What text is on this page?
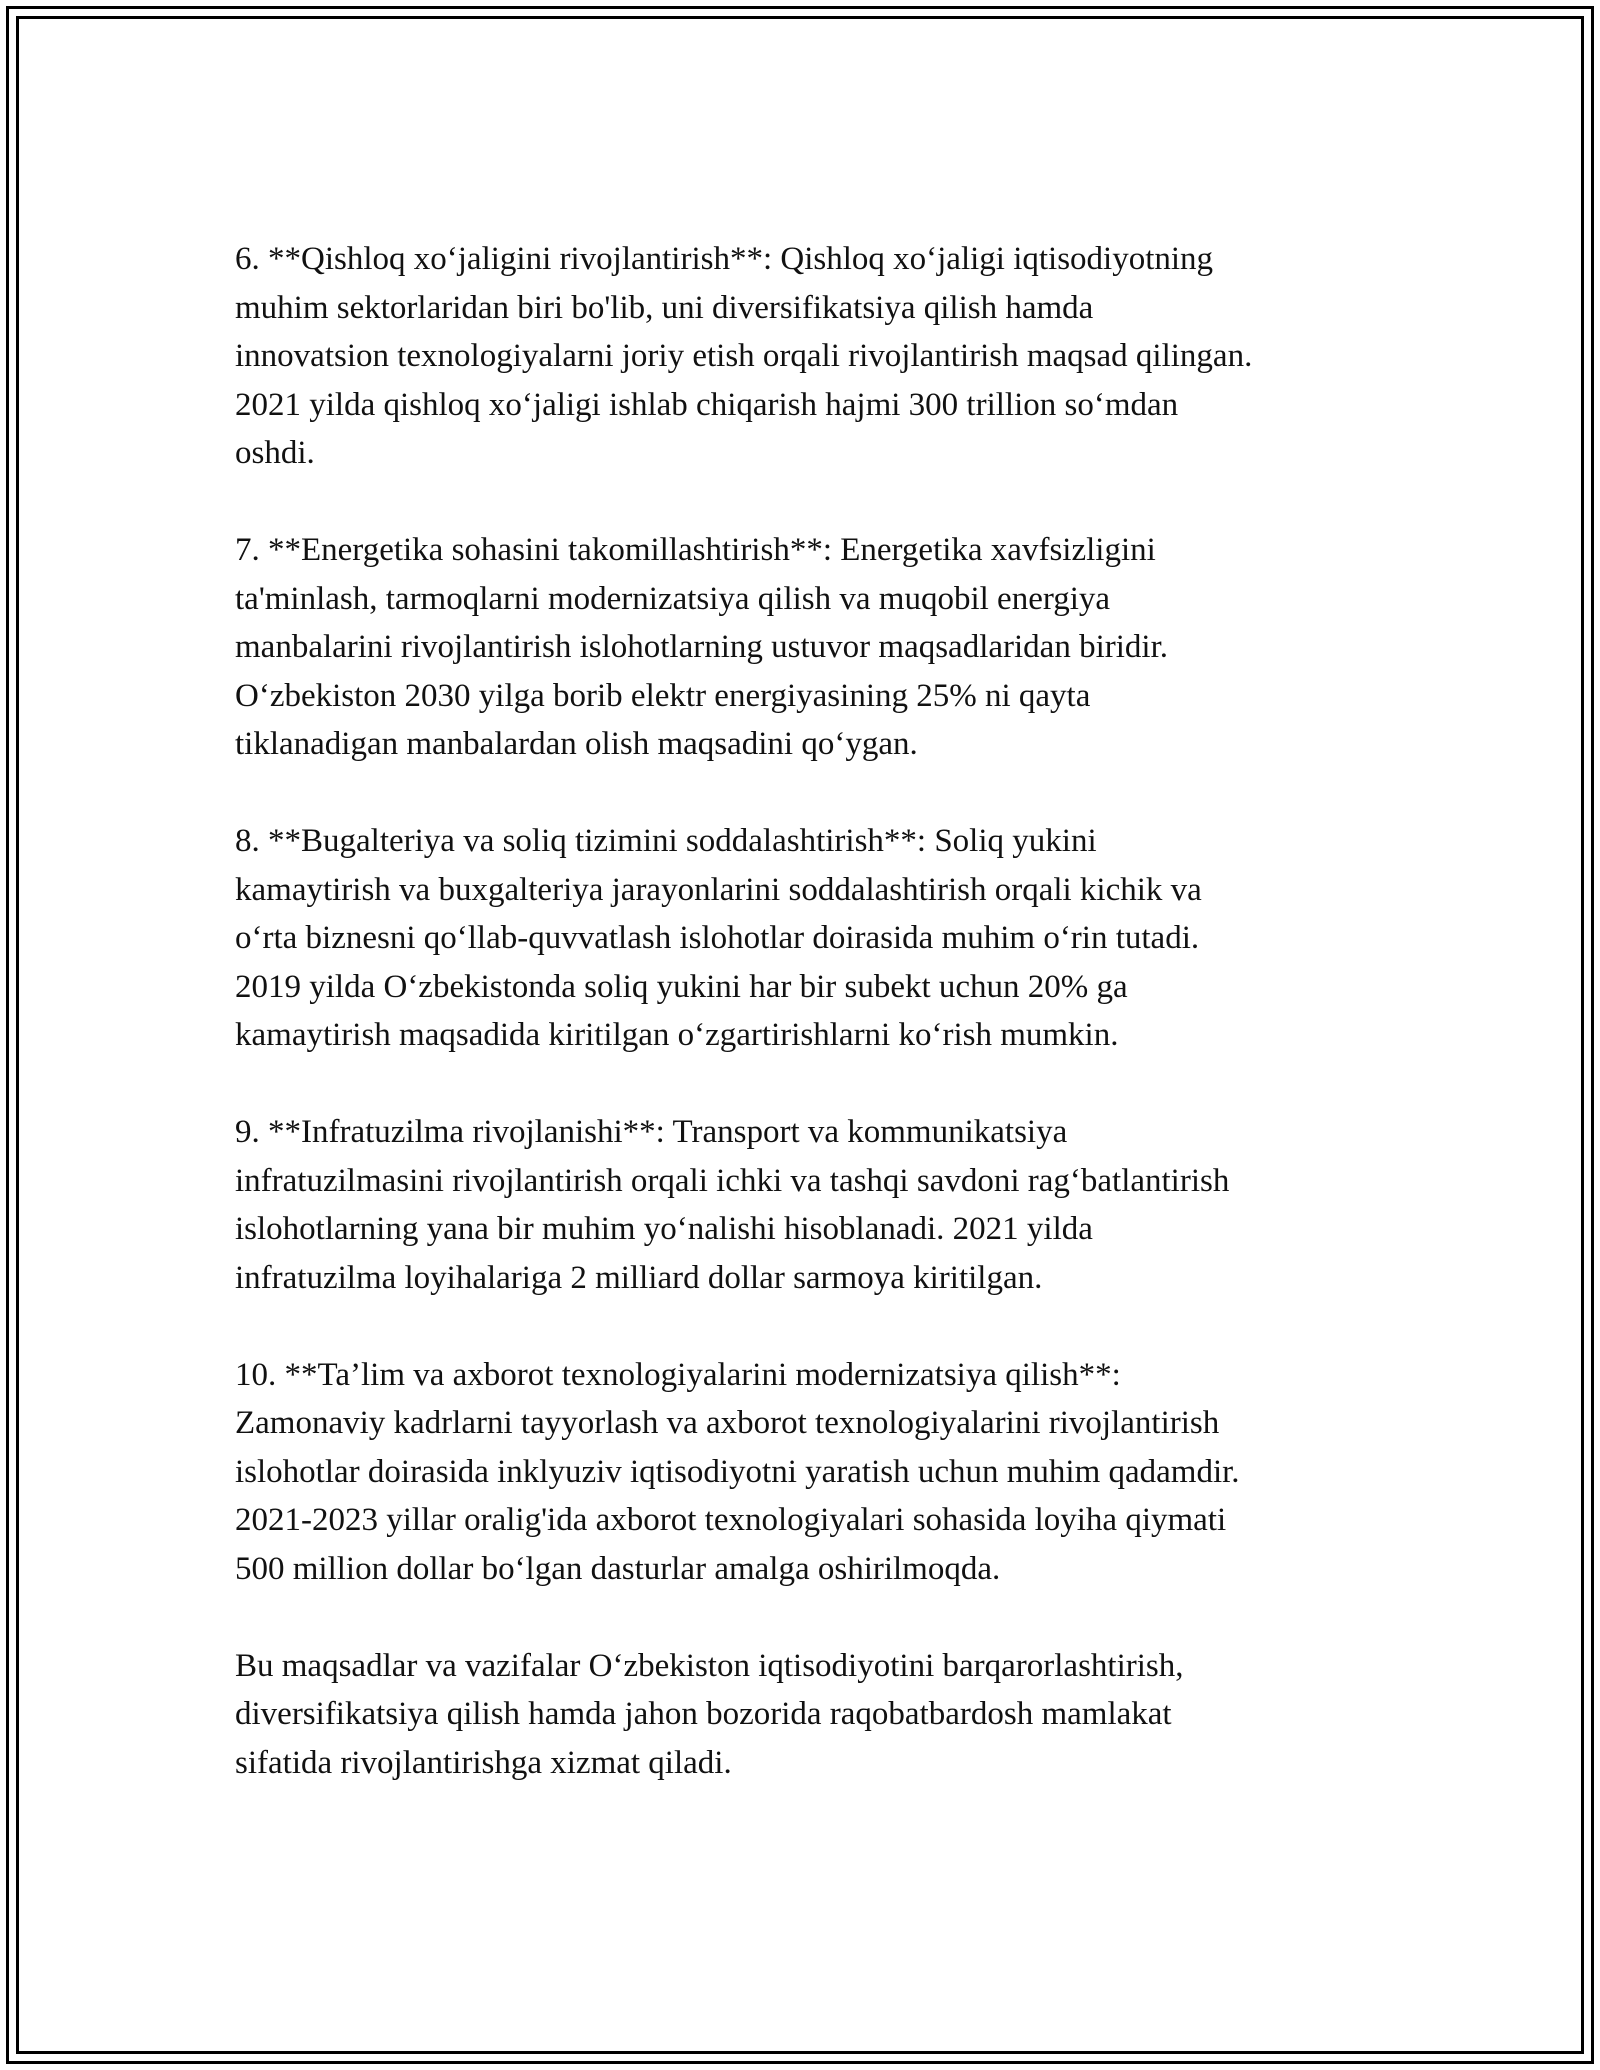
6. **Qishloq xo‘jaligini rivojlantirish**: Qishloq xo‘jaligi iqtisodiyotning
muhim sektorlaridan biri bo'lib, uni diversifikatsiya qilish hamda
innovatsion texnologiyalarni joriy etish orqali rivojlantirish maqsad qilingan.
2021 yilda qishloq xo‘jaligi ishlab chiqarish hajmi 300 trillion so‘mdan
oshdi.

7. **Energetika sohasini takomillashtirish**: Energetika xavfsizligini
ta'minlash, tarmoqlarni modernizatsiya qilish va muqobil energiya
manbalarini rivojlantirish islohotlarning ustuvor maqsadlaridan biridir.
O‘zbekiston 2030 yilga borib elektr energiyasining 25% ni qayta
tiklanadigan manbalardan olish maqsadini qo‘ygan.

8. **Bugalteriya va soliq tizimini soddalashtirish**: Soliq yukini
kamaytirish va buxgalteriya jarayonlarini soddalashtirish orqali kichik va
o‘rta biznesni qo‘llab-quvvatlash islohotlar doirasida muhim o‘rin tutadi.
2019 yilda O‘zbekistonda soliq yukini har bir subekt uchun 20% ga
kamaytirish maqsadida kiritilgan o‘zgartirishlarni ko‘rish mumkin.

9. **Infratuzilma rivojlanishi**: Transport va kommunikatsiya
infratuzilmasini rivojlantirish orqali ichki va tashqi savdoni rag‘batlantirish
islohotlarning yana bir muhim yo‘nalishi hisoblanadi. 2021 yilda
infratuzilma loyihalariga 2 milliard dollar sarmoya kiritilgan.

10. **Ta’lim va axborot texnologiyalarini modernizatsiya qilish**:
Zamonaviy kadrlarni tayyorlash va axborot texnologiyalarini rivojlantirish
islohotlar doirasida inklyuziv iqtisodiyotni yaratish uchun muhim qadamdir.
2021-2023 yillar oralig'ida axborot texnologiyalari sohasida loyiha qiymati
500 million dollar bo‘lgan dasturlar amalga oshirilmoqda.

Bu maqsadlar va vazifalar O‘zbekiston iqtisodiyotini barqarorlashtirish,
diversifikatsiya qilish hamda jahon bozorida raqobatbardosh mamlakat
sifatida rivojlantirishga xizmat qiladi.
